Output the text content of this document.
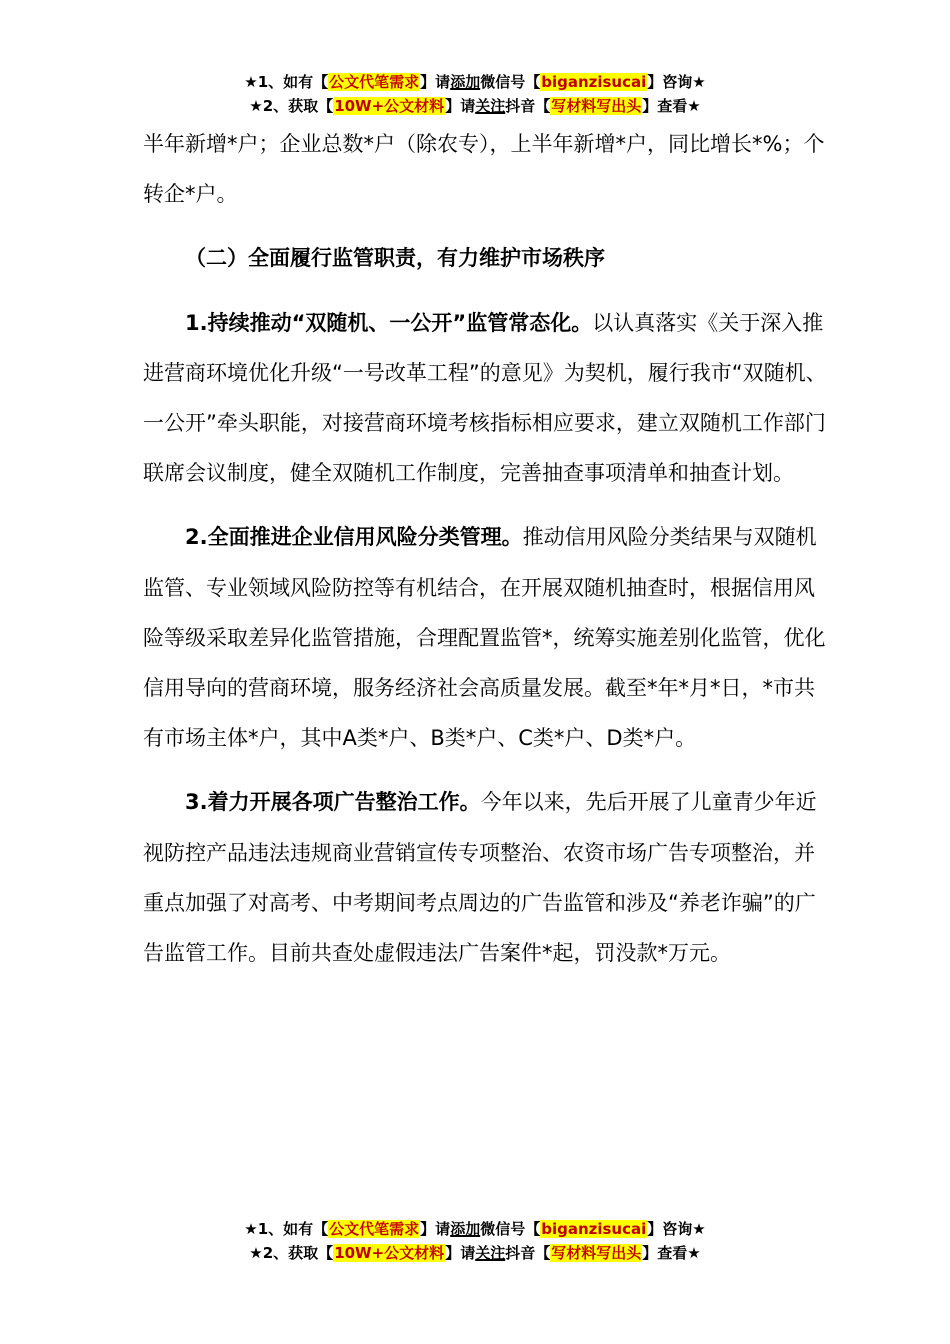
★1、如有【公文代笔需求】请添加微信号【biganzisucai】咨询★
★2、获取【10W+公文材料】请关注抖音【写材料写出头】查看★

半年新增*户；企业总数*户（除农专），上半年新增*户，同比增长*%；个转企*户。

（二）全面履行监管职责，有力维护市场秩序

1.持续推动“双随机、一公开”监管常态化。以认真落实《关于深入推进营商环境优化升级“一号改革工程”的意见》为契机，履行我市“双随机、一公开”牵头职能，对接营商环境考核指标相应要求，建立双随机工作部门联席会议制度，健全双随机工作制度，完善抽查事项清单和抽查计划。

2.全面推进企业信用风险分类管理。推动信用风险分类结果与双随机监管、专业领域风险防控等有机结合，在开展双随机抽查时，根据信用风险等级采取差异化监管措施，合理配置监管*，统筹实施差别化监管，优化信用导向的营商环境，服务经济社会高质量发展。截至*年*月*日，*市共有市场主体*户，其中A类*户、B类*户、C类*户、D类*户。

3.着力开展各项广告整治工作。今年以来，先后开展了儿童青少年近视防控产品违法违规商业营销宣传专项整治、农资市场广告专项整治，并重点加强了对高考、中考期间考点周边的广告监管和涉及“养老诈骗”的广告监管工作。目前共查处虚假违法广告案件*起，罚没款*万元。

★1、如有【公文代笔需求】请添加微信号【biganzisucai】咨询★
★2、获取【10W+公文材料】请关注抖音【写材料写出头】查看★
